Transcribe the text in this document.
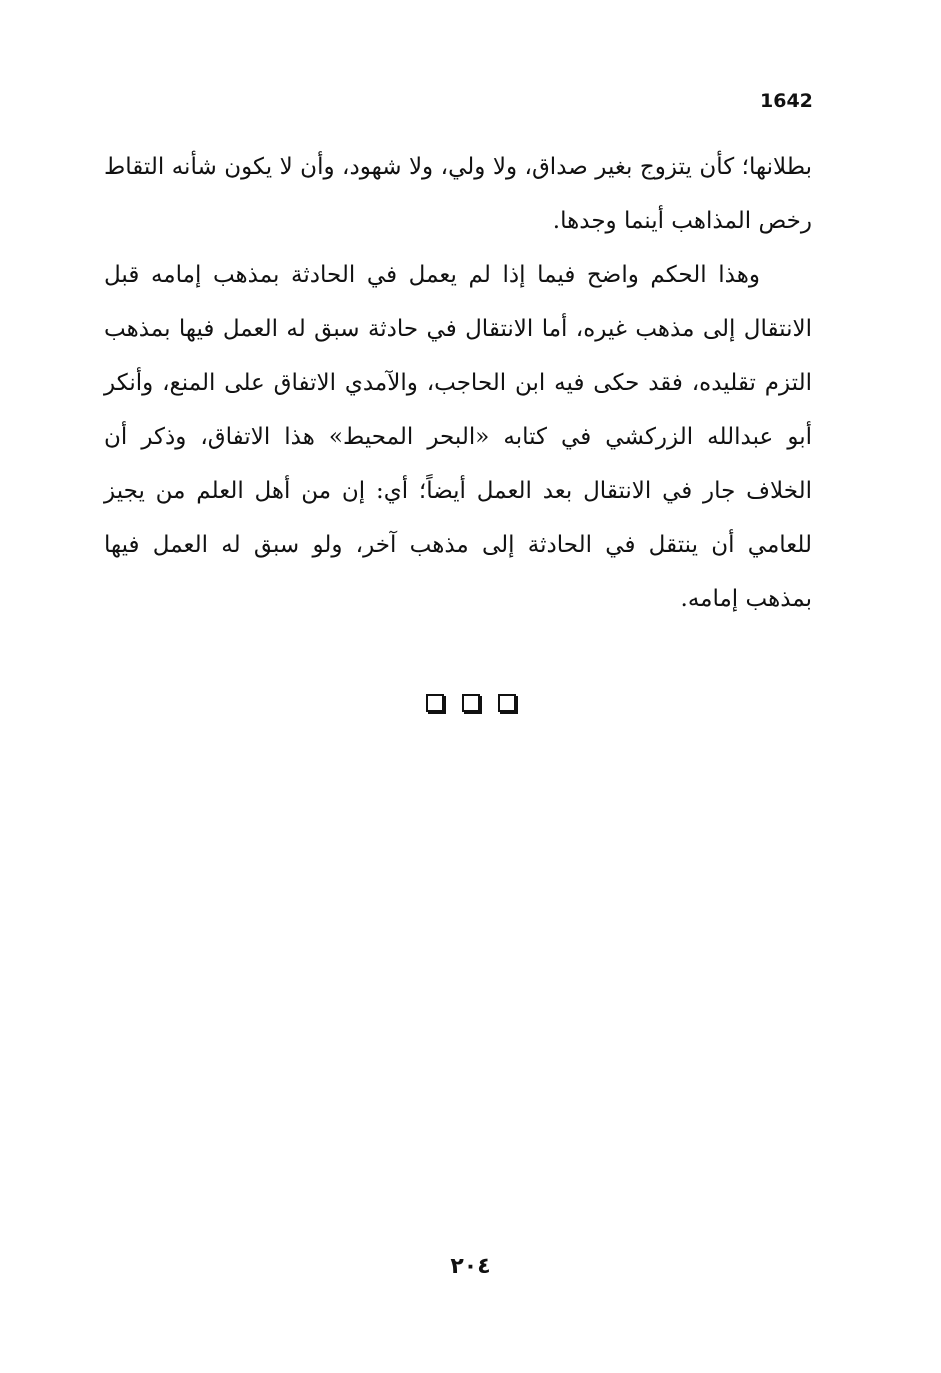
1642

بطلانها؛ كأن يتزوج بغير صداق، ولا ولي، ولا شهود، وأن لا يكون شأنه التقاط رخص المذاهب أينما وجدها.

وهذا الحكم واضح فيما إذا لم يعمل في الحادثة بمذهب إمامه قبل الانتقال إلى مذهب غيره، أما الانتقال في حادثة سبق له العمل فيها بمذهب التزم تقليده، فقد حكى فيه ابن الحاجب، والآمدي الاتفاق على المنع، وأنكر أبو عبدالله الزركشي في كتابه «البحر المحيط» هذا الاتفاق، وذكر أن الخلاف جار في الانتقال بعد العمل أيضاً؛ أي: إن من أهل العلم من يجيز للعامي أن ينتقل في الحادثة إلى مذهب آخر، ولو سبق له العمل فيها بمذهب إمامه.

٢٠٤
